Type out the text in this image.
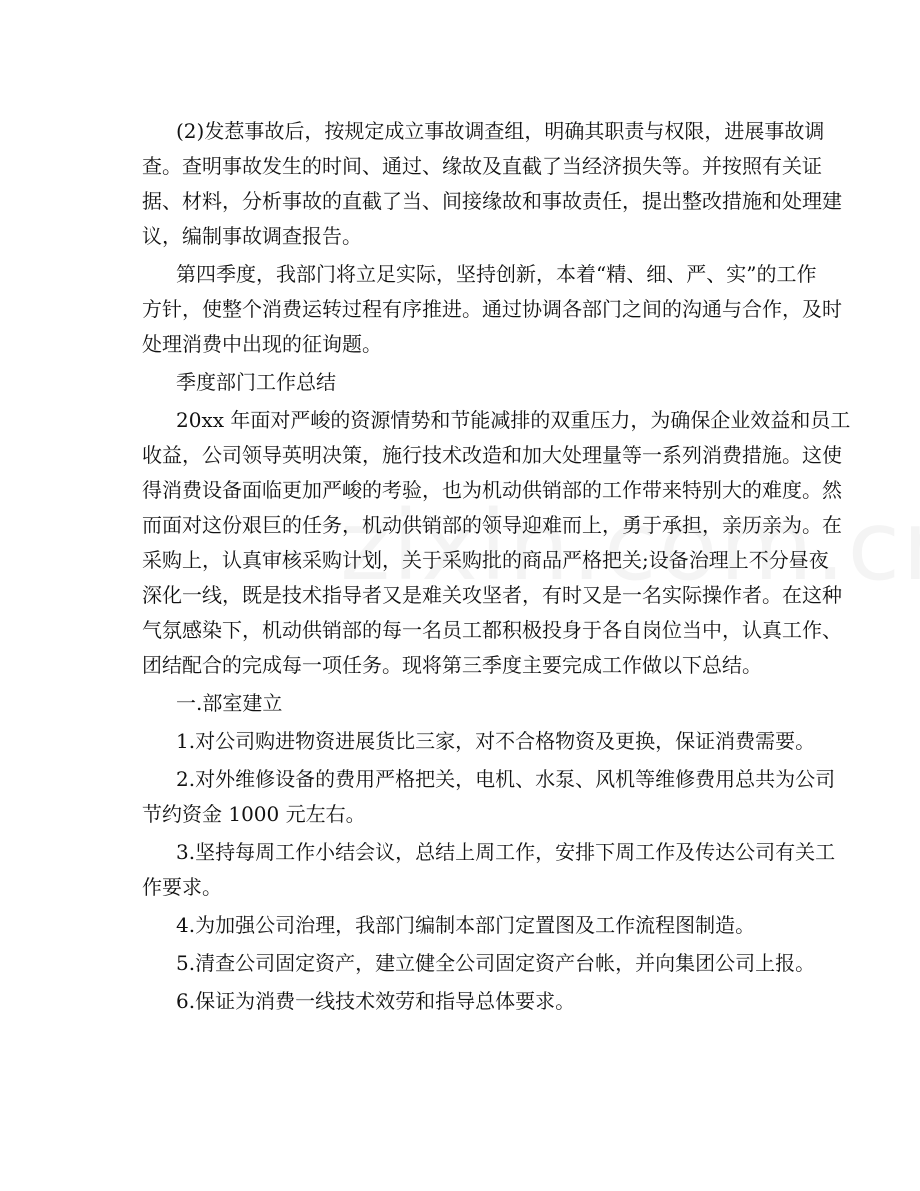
(2)发惹事故后，按规定成立事故调查组，明确其职责与权限，进展事故调
查。查明事故发生的时间、通过、缘故及直截了当经济损失等。并按照有关证
据、材料，分析事故的直截了当、间接缘故和事故责任，提出整改措施和处理建
议，编制事故调查报告。

第四季度，我部门将立足实际，坚持创新，本着“精、细、严、实”的工作
方针，使整个消费运转过程有序推进。通过协调各部门之间的沟通与合作，及时
处理消费中出现的征询题。

季度部门工作总结

20xx 年面对严峻的资源情势和节能减排的双重压力，为确保企业效益和员工
收益，公司领导英明决策，施行技术改造和加大处理量等一系列消费措施。这使
得消费设备面临更加严峻的考验，也为机动供销部的工作带来特别大的难度。然
而面对这份艰巨的任务，机动供销部的领导迎难而上，勇于承担，亲历亲为。在
采购上，认真审核采购计划，关于采购批的商品严格把关;设备治理上不分昼夜
深化一线，既是技术指导者又是难关攻坚者，有时又是一名实际操作者。在这种
气氛感染下，机动供销部的每一名员工都积极投身于各自岗位当中，认真工作、
团结配合的完成每一项任务。现将第三季度主要完成工作做以下总结。

一.部室建立

1.对公司购进物资进展货比三家，对不合格物资及更换，保证消费需要。

2.对外维修设备的费用严格把关，电机、水泵、风机等维修费用总共为公司
节约资金 1000 元左右。

3.坚持每周工作小结会议，总结上周工作，安排下周工作及传达公司有关工
作要求。

4.为加强公司治理，我部门编制本部门定置图及工作流程图制造。

5.清查公司固定资产，建立健全公司固定资产台帐，并向集团公司上报。

6.保证为消费一线技术效劳和指导总体要求。
